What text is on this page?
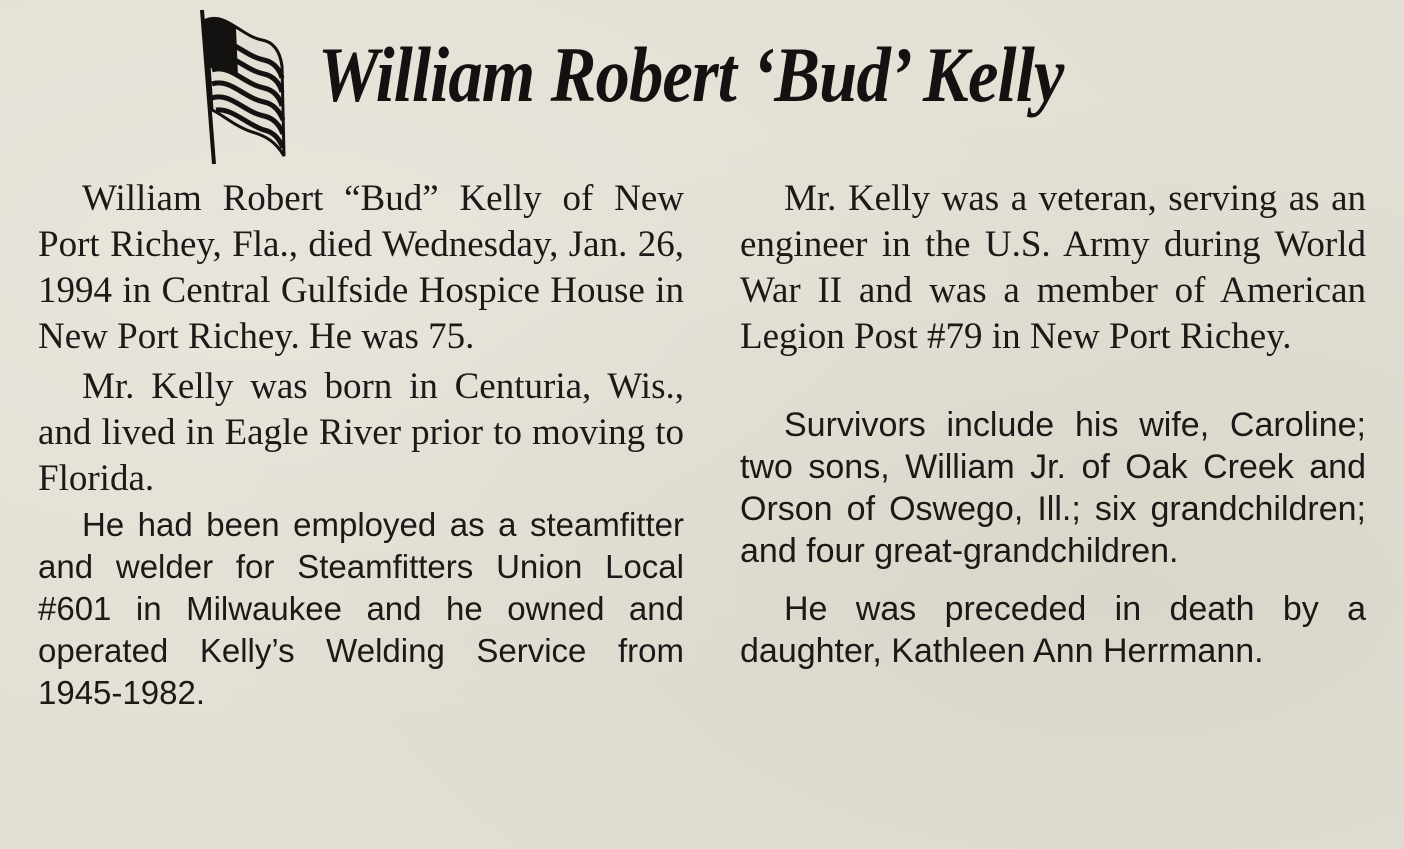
William Robert ‘Bud’ Kelly

William Robert “Bud” Kelly of New Port Richey, Fla., died Wednesday, Jan. 26, 1994 in Central Gulfside Hospice House in New Port Richey. He was 75.

Mr. Kelly was born in Centuria, Wis., and lived in Eagle River prior to moving to Florida.

He had been employed as a steamfitter and welder for Steamfitters Union Local #601 in Milwaukee and he owned and operated Kelly’s Welding Service from 1945-1982.

Mr. Kelly was a veteran, serving as an engineer in the U.S. Army during World War II and was a member of American Legion Post #79 in New Port Richey.

Survivors include his wife, Caroline; two sons, William Jr. of Oak Creek and Orson of Oswego, Ill.; six grandchildren; and four great-grandchildren.

He was preceded in death by a daughter, Kathleen Ann Herrmann.
